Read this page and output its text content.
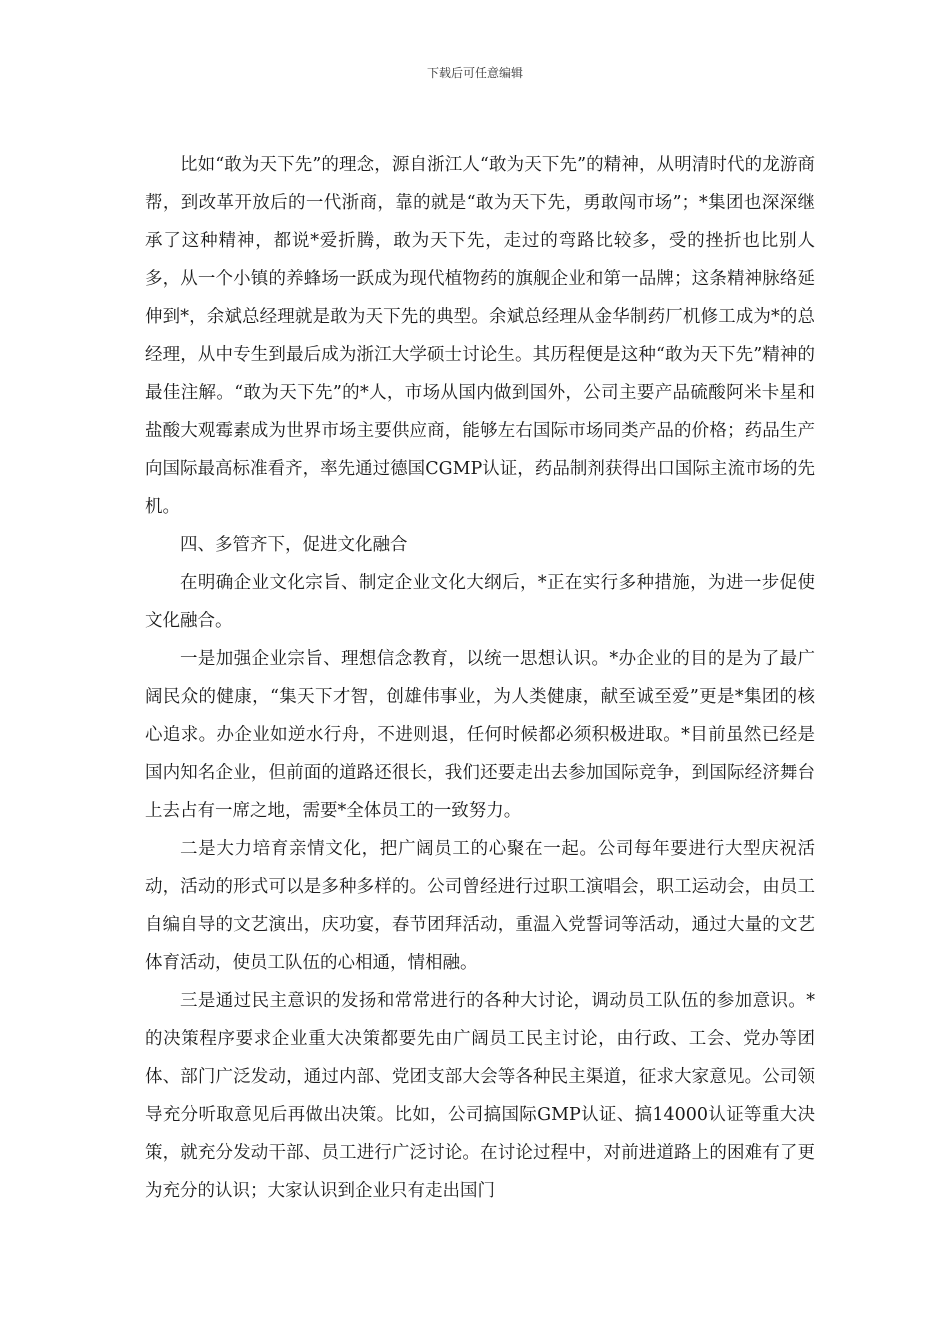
下载后可任意编辑

比如“敢为天下先”的理念，源自浙江人“敢为天下先”的精神，从明清时代的龙游商帮，到改革开放后的一代浙商，靠的就是“敢为天下先，勇敢闯市场”；*集团也深深继承了这种精神，都说*爱折腾，敢为天下先，走过的弯路比较多，受的挫折也比别人多，从一个小镇的养蜂场一跃成为现代植物药的旗舰企业和第一品牌；这条精神脉络延伸到*，余斌总经理就是敢为天下先的典型。余斌总经理从金华制药厂机修工成为*的总经理，从中专生到最后成为浙江大学硕士讨论生。其历程便是这种“敢为天下先”精神的最佳注解。“敢为天下先”的*人，市场从国内做到国外，公司主要产品硫酸阿米卡星和盐酸大观霉素成为世界市场主要供应商，能够左右国际市场同类产品的价格；药品生产向国际最高标准看齐，率先通过德国CGMP认证，药品制剂获得出口国际主流市场的先机。

四、多管齐下，促进文化融合

在明确企业文化宗旨、制定企业文化大纲后，*正在实行多种措施，为进一步促使文化融合。

一是加强企业宗旨、理想信念教育，以统一思想认识。*办企业的目的是为了最广阔民众的健康，“集天下才智，创雄伟事业，为人类健康，献至诚至爱”更是*集团的核心追求。办企业如逆水行舟，不进则退，任何时候都必须积极进取。*目前虽然已经是国内知名企业，但前面的道路还很长，我们还要走出去参加国际竞争，到国际经济舞台上去占有一席之地，需要*全体员工的一致努力。

二是大力培育亲情文化，把广阔员工的心聚在一起。公司每年要进行大型庆祝活动，活动的形式可以是多种多样的。公司曾经进行过职工演唱会，职工运动会，由员工自编自导的文艺演出，庆功宴，春节团拜活动，重温入党誓词等活动，通过大量的文艺体育活动，使员工队伍的心相通，情相融。

三是通过民主意识的发扬和常常进行的各种大讨论，调动员工队伍的参加意识。*的决策程序要求企业重大决策都要先由广阔员工民主讨论，由行政、工会、党办等团体、部门广泛发动，通过内部、党团支部大会等各种民主渠道，征求大家意见。公司领导充分听取意见后再做出决策。比如，公司搞国际GMP认证、搞14000认证等重大决策，就充分发动干部、员工进行广泛讨论。在讨论过程中，对前进道路上的困难有了更为充分的认识；大家认识到企业只有走出国门
